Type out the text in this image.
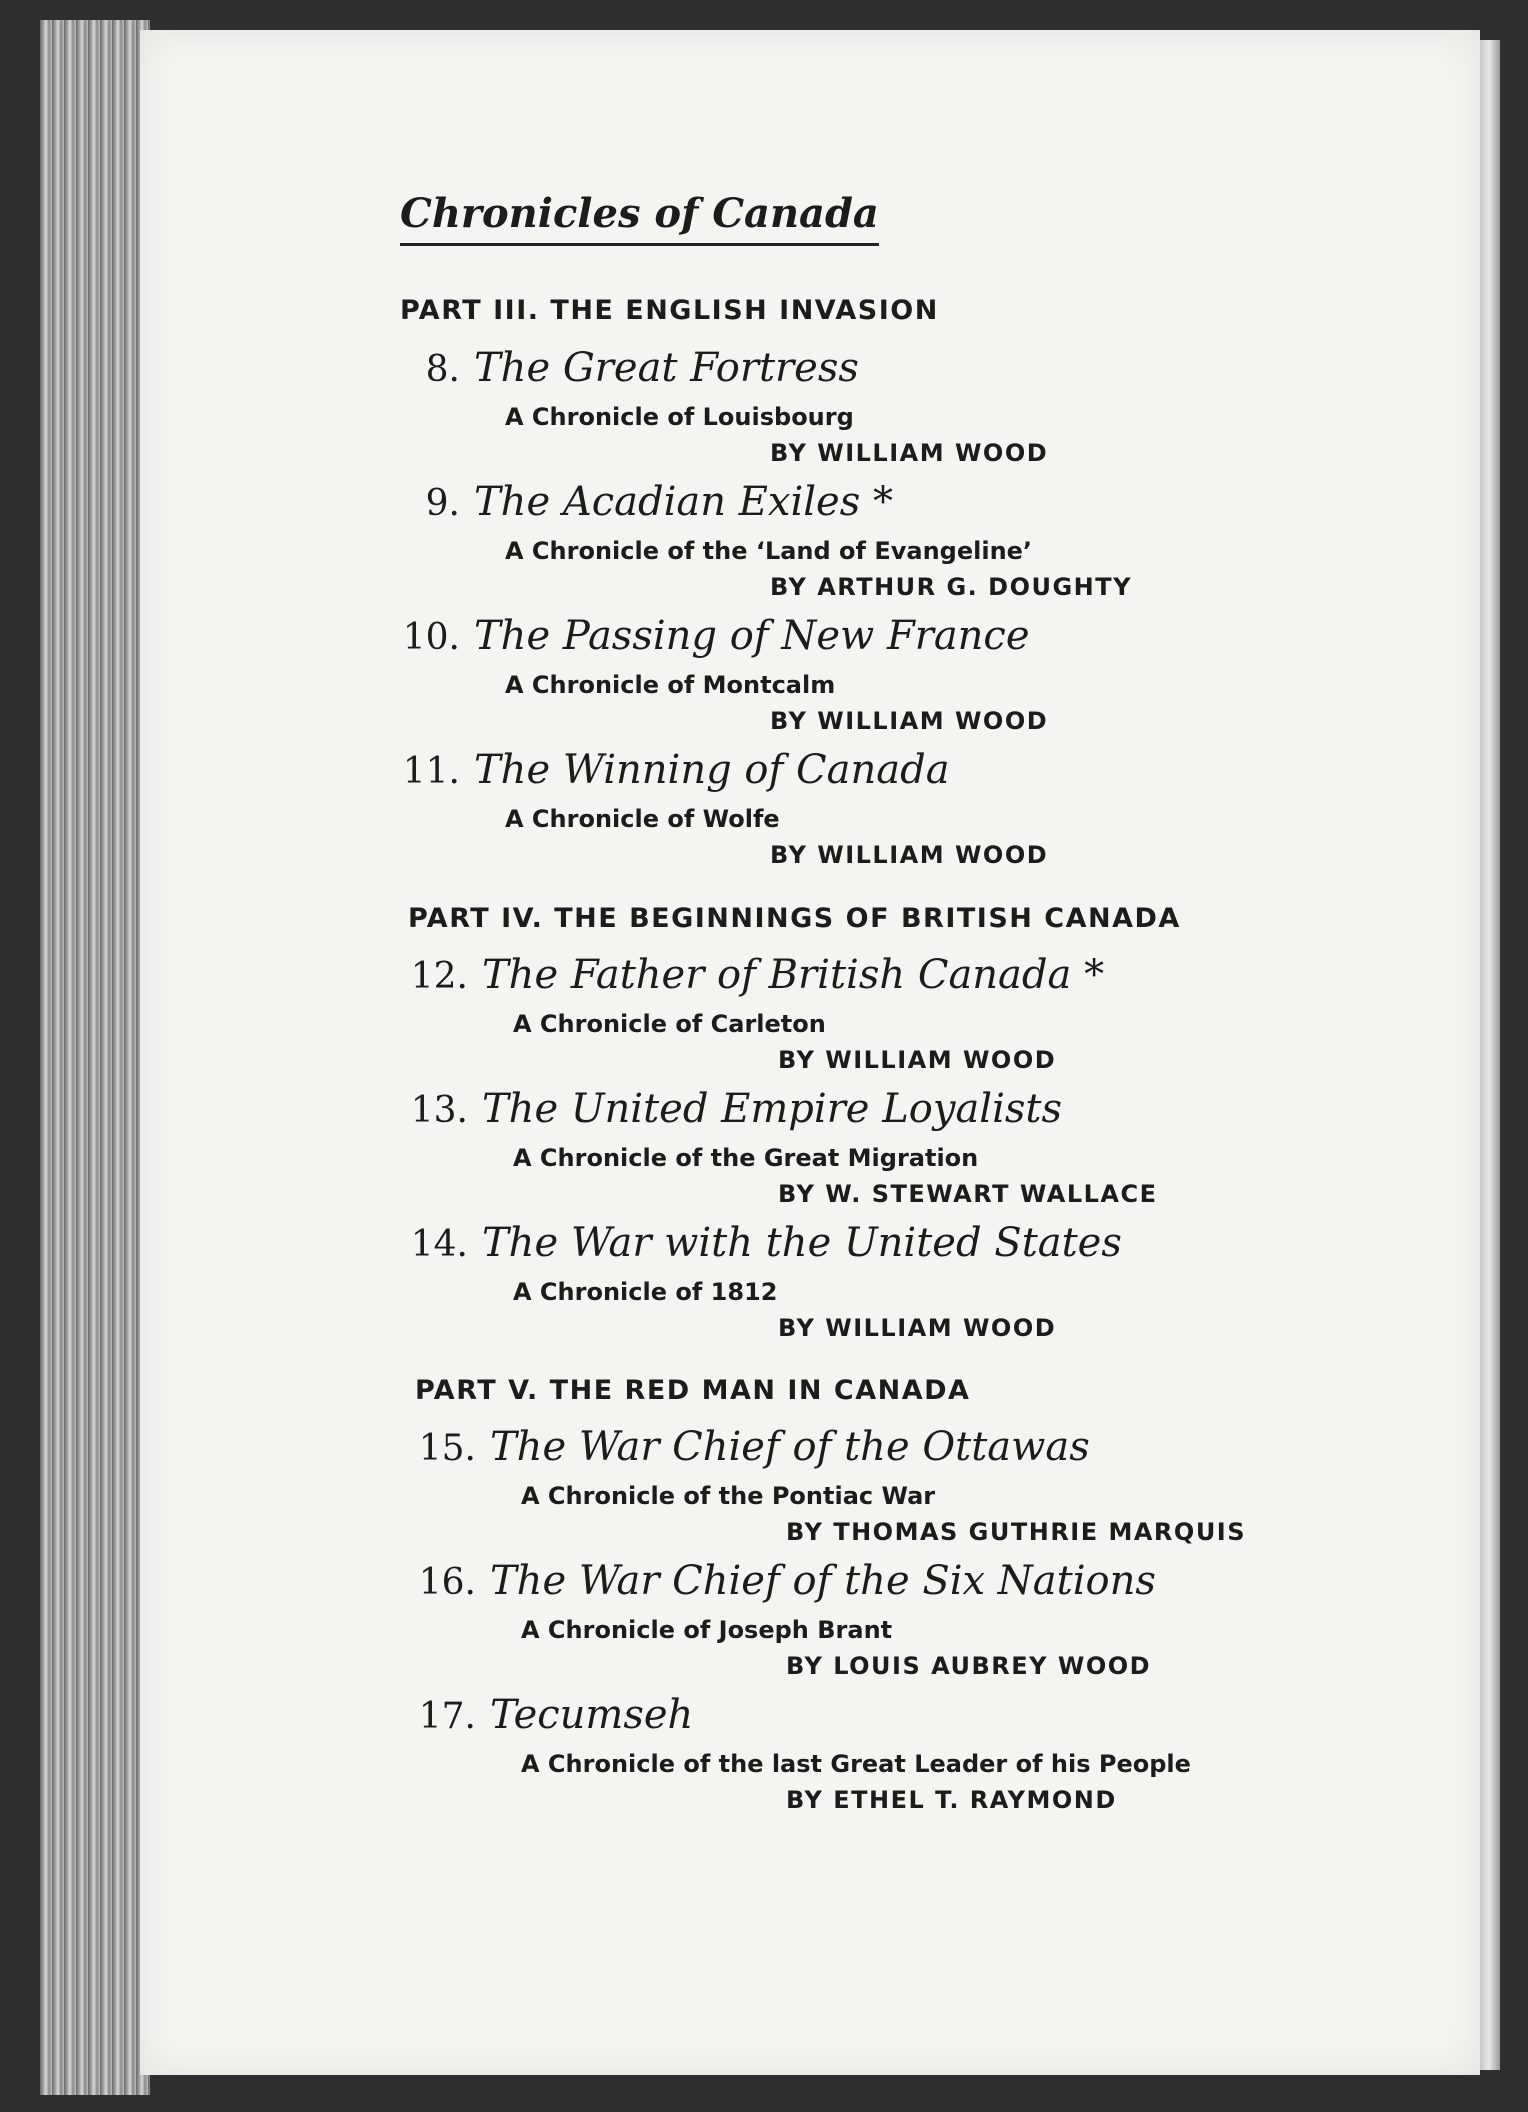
Chronicles of Canada
PART III. THE ENGLISH INVASION
8. The Great Fortress
A Chronicle of Louisbourg
BY WILLIAM WOOD
9. The Acadian Exiles *
A Chronicle of the ‘Land of Evangeline’
BY ARTHUR G. DOUGHTY
10. The Passing of New France
A Chronicle of Montcalm
BY WILLIAM WOOD
11. The Winning of Canada
A Chronicle of Wolfe
BY WILLIAM WOOD
PART IV. THE BEGINNINGS OF BRITISH CANADA
12. The Father of British Canada *
A Chronicle of Carleton
BY WILLIAM WOOD
13. The United Empire Loyalists
A Chronicle of the Great Migration
BY W. STEWART WALLACE
14. The War with the United States
A Chronicle of 1812
BY WILLIAM WOOD
PART V. THE RED MAN IN CANADA
15. The War Chief of the Ottawas
A Chronicle of the Pontiac War
BY THOMAS GUTHRIE MARQUIS
16. The War Chief of the Six Nations
A Chronicle of Joseph Brant
BY LOUIS AUBREY WOOD
17. Tecumseh
A Chronicle of the last Great Leader of his People
BY ETHEL T. RAYMOND
